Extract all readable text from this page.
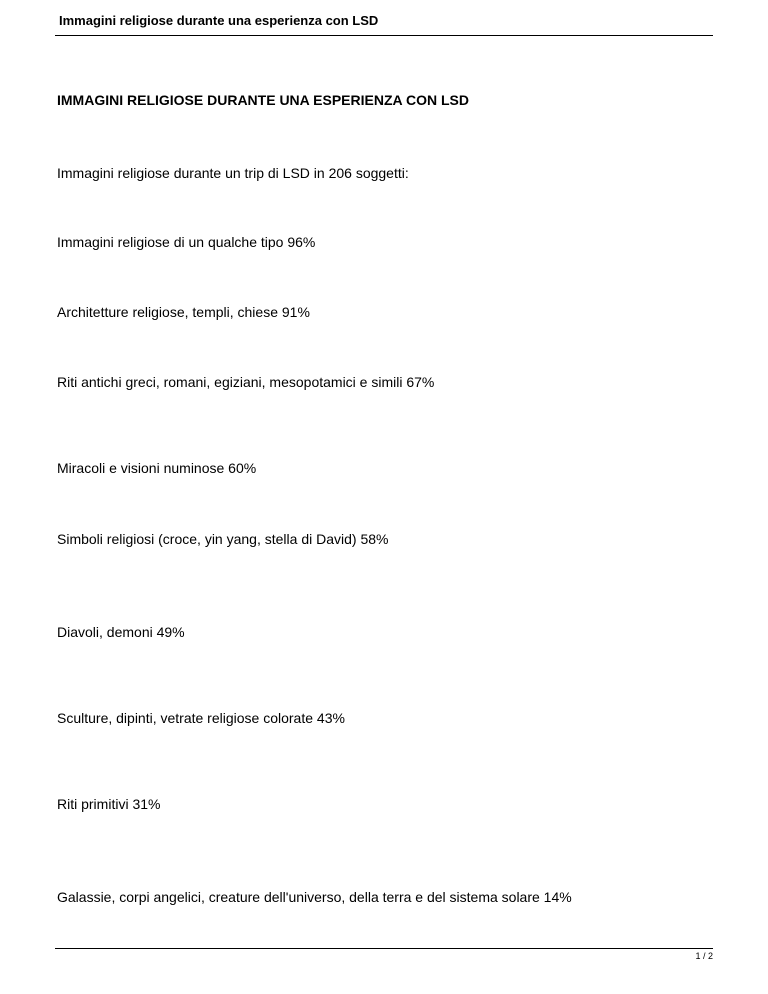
Immagini religiose durante una esperienza con LSD
IMMAGINI RELIGIOSE DURANTE UNA ESPERIENZA CON LSD
Immagini religiose durante un trip di LSD in 206 soggetti:
Immagini religiose di un qualche tipo 96%
Architetture religiose, templi, chiese 91%
Riti antichi greci, romani, egiziani, mesopotamici e simili 67%
Miracoli e visioni numinose 60%
Simboli religiosi (croce, yin yang, stella di David) 58%
Diavoli, demoni 49%
Sculture, dipinti, vetrate religiose colorate 43%
Riti primitivi 31%
Galassie, corpi angelici, creature dell'universo, della terra e del sistema solare 14%
1 / 2
